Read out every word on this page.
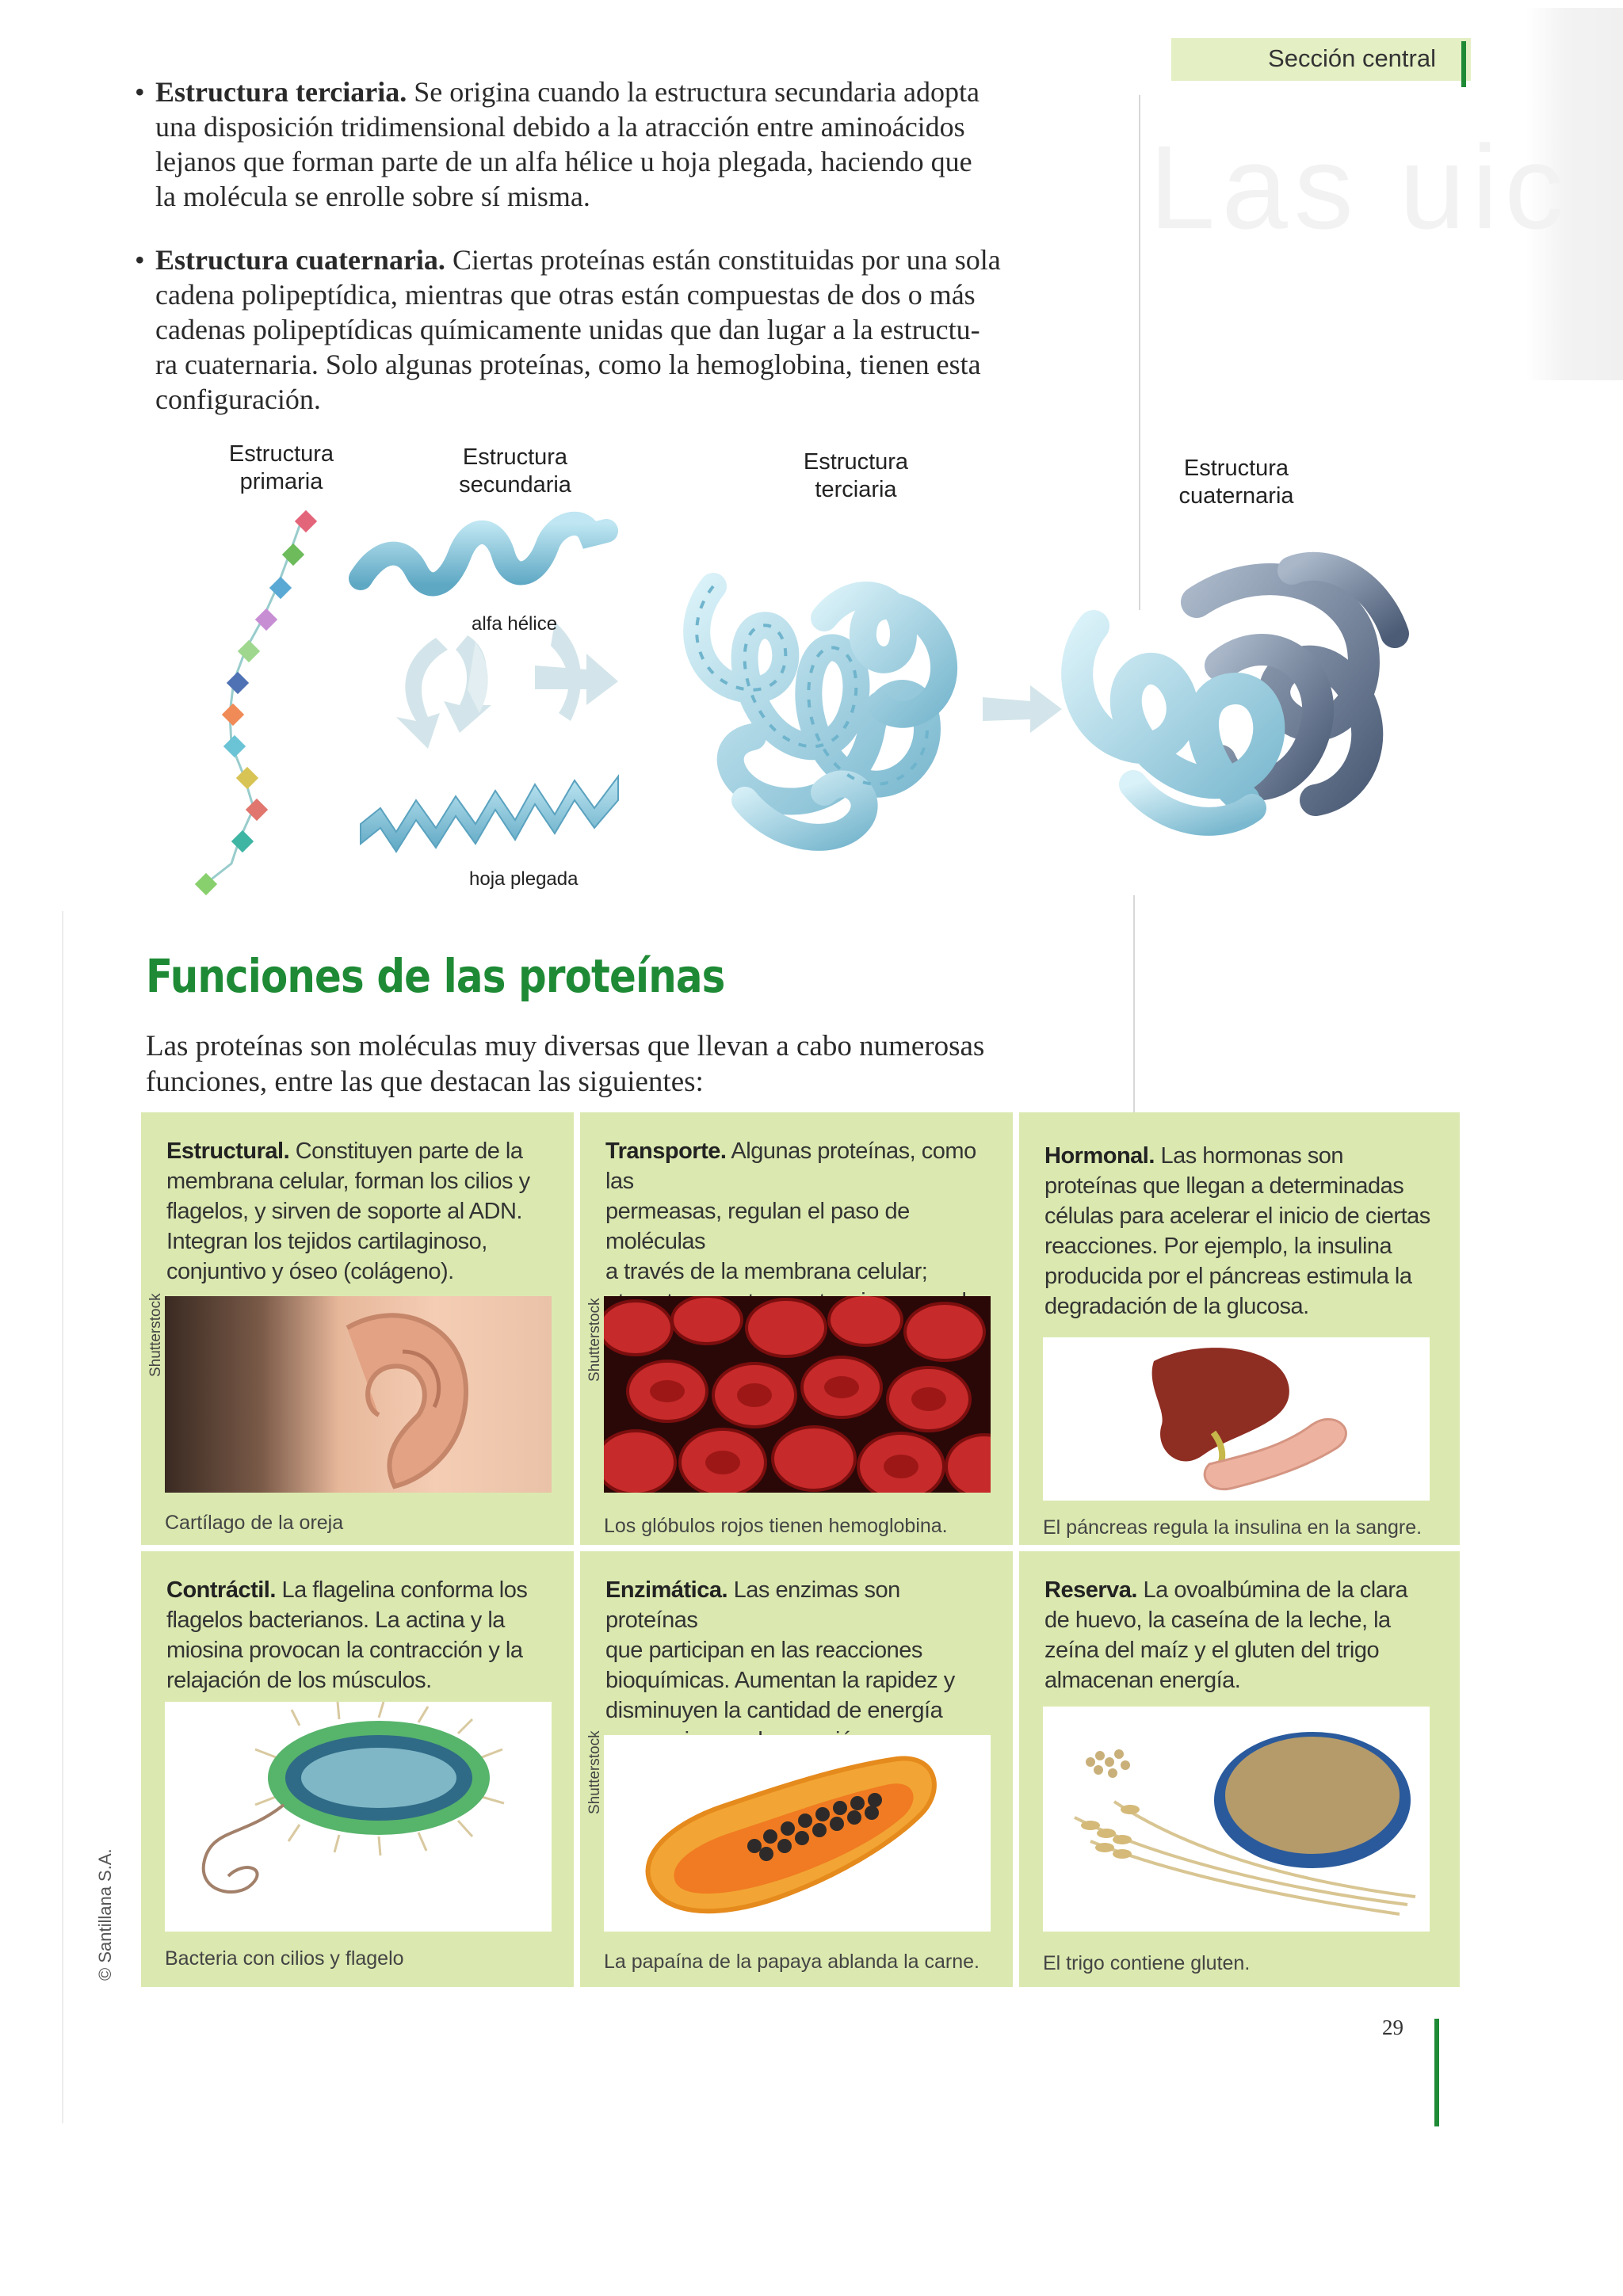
Las uic
Sección central
• Estructura terciaria. Se origina cuando la estructura secundaria adopta
una disposición tridimensional debido a la atracción entre aminoácidos
lejanos que forman parte de un alfa hélice u hoja plegada, haciendo que
la molécula se enrolle sobre sí misma.
• Estructura cuaternaria. Ciertas proteínas están constituidas por una sola
cadena polipeptídica, mientras que otras están compuestas de dos o más
cadenas polipeptídicas químicamente unidas que dan lugar a la estructu-
ra cuaternaria. Solo algunas proteínas, como la hemoglobina, tienen esta
configuración.
Estructura
primaria
Estructura
secundaria
Estructura
terciaria
Estructura
cuaternaria
alfa hélice
hoja plegada
Funciones de las proteínas
Las proteínas son moléculas muy diversas que llevan a cabo numerosas
funciones, entre las que destacan las siguientes:
Estructural. Constituyen parte de la
membrana celular, forman los cilios y
flagelos, y sirven de soporte al ADN.
Integran los tejidos cartilaginoso,
conjuntivo y óseo (colágeno).
Shutterstock
Cartílago de la oreja
Transporte. Algunas proteínas, como las
permeasas, regulan el paso de moléculas
a través de la membrana celular;
Shutterstock
Los glóbulos rojos tienen hemoglobina.
Hormonal. Las hormonas son
proteínas que llegan a determinadas
células para acelerar el inicio de ciertas
reacciones. Por ejemplo, la insulina
producida por el páncreas estimula la
degradación de la glucosa.
El páncreas regula la insulina en la sangre.
Contráctil. La flagelina conforma los
flagelos bacterianos. La actina y la
miosina provocan la contracción y la
relajación de los músculos.
Bacteria con cilios y flagelo
Enzimática. Las enzimas son proteínas
que participan en las reacciones
bioquímicas. Aumentan la rapidez y
disminuyen la cantidad de energía
Shutterstock
La papaína de la papaya ablanda la carne.
Reserva. La ovoalbúmina de la clara
de huevo, la caseína de la leche, la
zeína del maíz y el gluten del trigo
almacenan energía.
El trigo contiene gluten.
© Santillana S.A.
29
